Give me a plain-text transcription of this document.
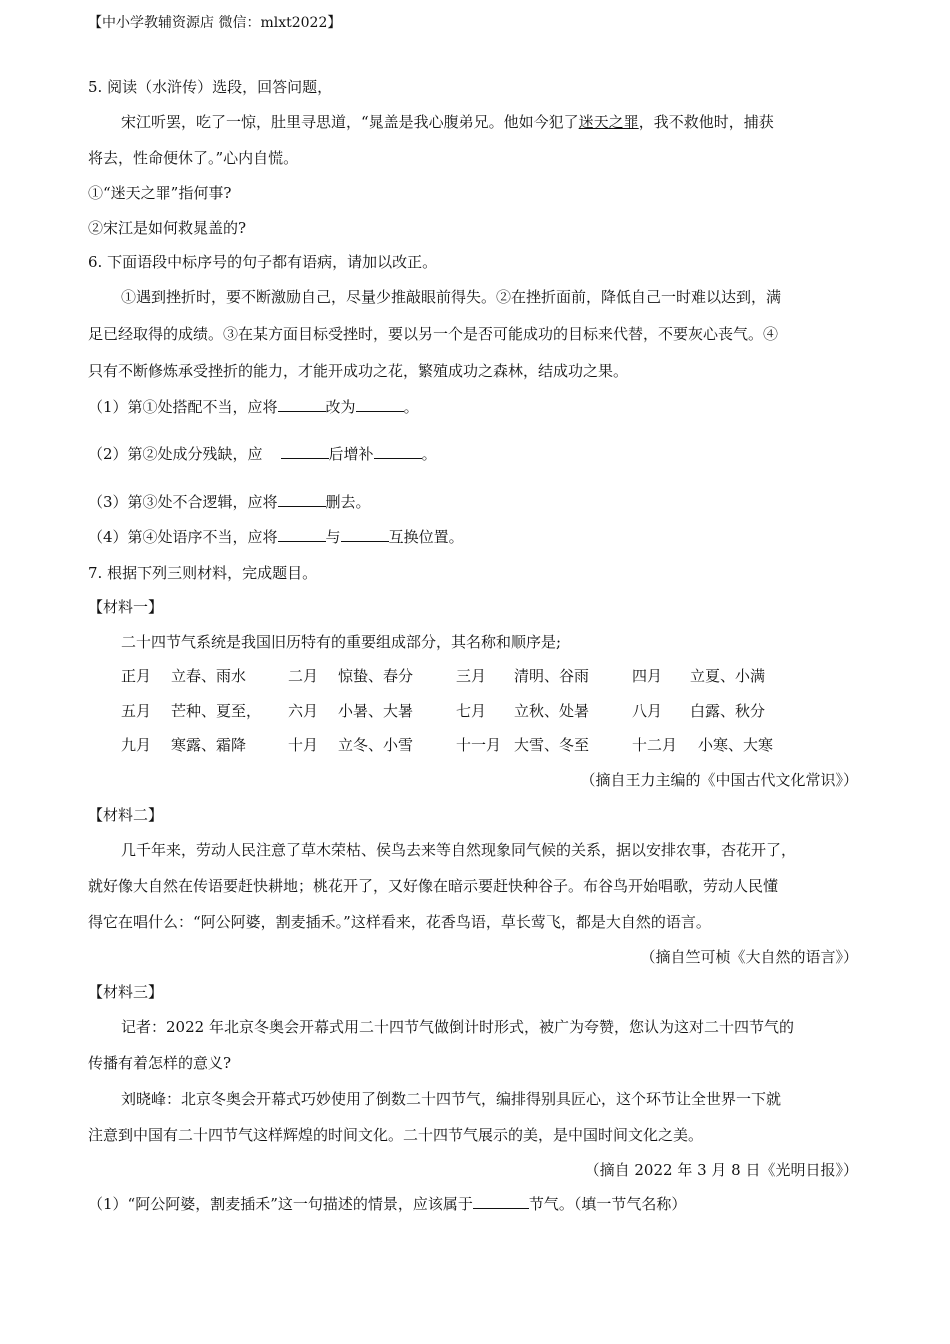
【中小学教辅资源店 微信：mlxt2022】
5. 阅读（水浒传）选段，回答问题，
宋江听罢，吃了一惊，肚里寻思道，“晁盖是我心腹弟兄。他如今犯了迷天之罪，我不救他时，捕获
将去，性命便休了。”心内自慌。
①“迷天之罪”指何事?
②宋江是如何救晁盖的?
6. 下面语段中标序号的句子都有语病，请加以改正。
①遇到挫折时，要不断激励自己，尽量少推敲眼前得失。②在挫折面前，降低自己一时难以达到，满
足已经取得的成绩。③在某方面目标受挫时，要以另一个是否可能成功的目标来代替，不要灰心丧气。④
只有不断修炼承受挫折的能力，才能开成功之花，繁殖成功之森林，结成功之果。
（1）第①处搭配不当，应将	改为	。
（2）第②处成分残缺，应	后增补	。
（3）第③处不合逻辑，应将	删去。
（4）第④处语序不当，应将	与	互换位置。
7. 根据下列三则材料，完成题目。
【材料一】
二十四节气系统是我国旧历特有的重要组成部分，其名称和顺序是;
正月 立春、雨水	二月 惊蛰、春分	三月 清明、谷雨	四月 立夏、小满
五月 芒种、夏至， 六月 小暑、大暑	七月 立秋、处暑	八月 白露、秋分
九月 寒露、霜降	十月 立冬、小雪	十一月 大雪、冬至	十二月 小寒、大寒
（摘自王力主编的《中国古代文化常识》）
【材料二】
几千年来，劳动人民注意了草木荣枯、侯鸟去来等自然现象同气候的关系，据以安排农事，杏花开了，
就好像大自然在传语要赶快耕地；桃花开了，又好像在暗示要赶快种谷子。布谷鸟开始唱歌，劳动人民懂
得它在唱什么：“阿公阿婆，割麦插禾。”这样看来，花香鸟语，草长莺飞，都是大自然的语言。
（摘自竺可桢《大自然的语言》）
【材料三】
记者：2022 年北京冬奥会开幕式用二十四节气做倒计时形式，被广为夸赞，您认为这对二十四节气的
传播有着怎样的意义?
刘晓峰：北京冬奥会开幕式巧妙使用了倒数二十四节气，编排得别具匠心，这个环节让全世界一下就
注意到中国有二十四节气这样辉煌的时间文化。二十四节气展示的美，是中国时间文化之美。
（摘自 2022 年 3 月 8 日《光明日报》）
（1）“阿公阿婆，割麦插禾”这一句描述的情景，应该属于	节气。（填一节气名称）
